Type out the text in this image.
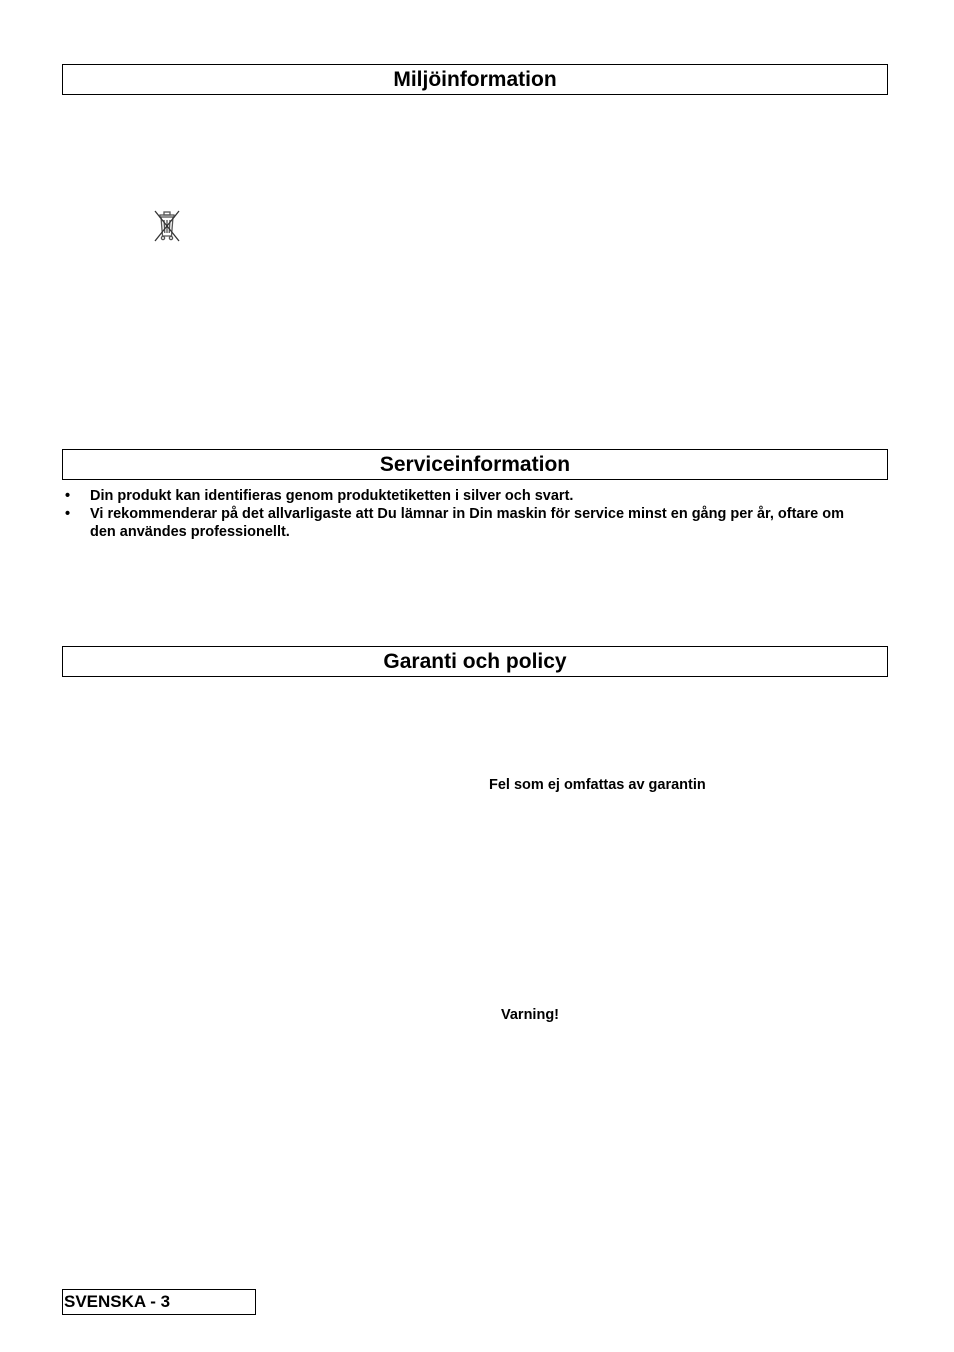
Miljöinformation
Serviceinformation
• Din produkt kan identifieras genom produktetiketten i silver och svart.
• Vi rekommenderar på det allvarligaste att Du lämnar in Din maskin för service minst en gång per år, oftare om den användes professionellt.
Garanti och policy
Fel som ej omfattas av garantin
Varning!
SVENSKA - 3
